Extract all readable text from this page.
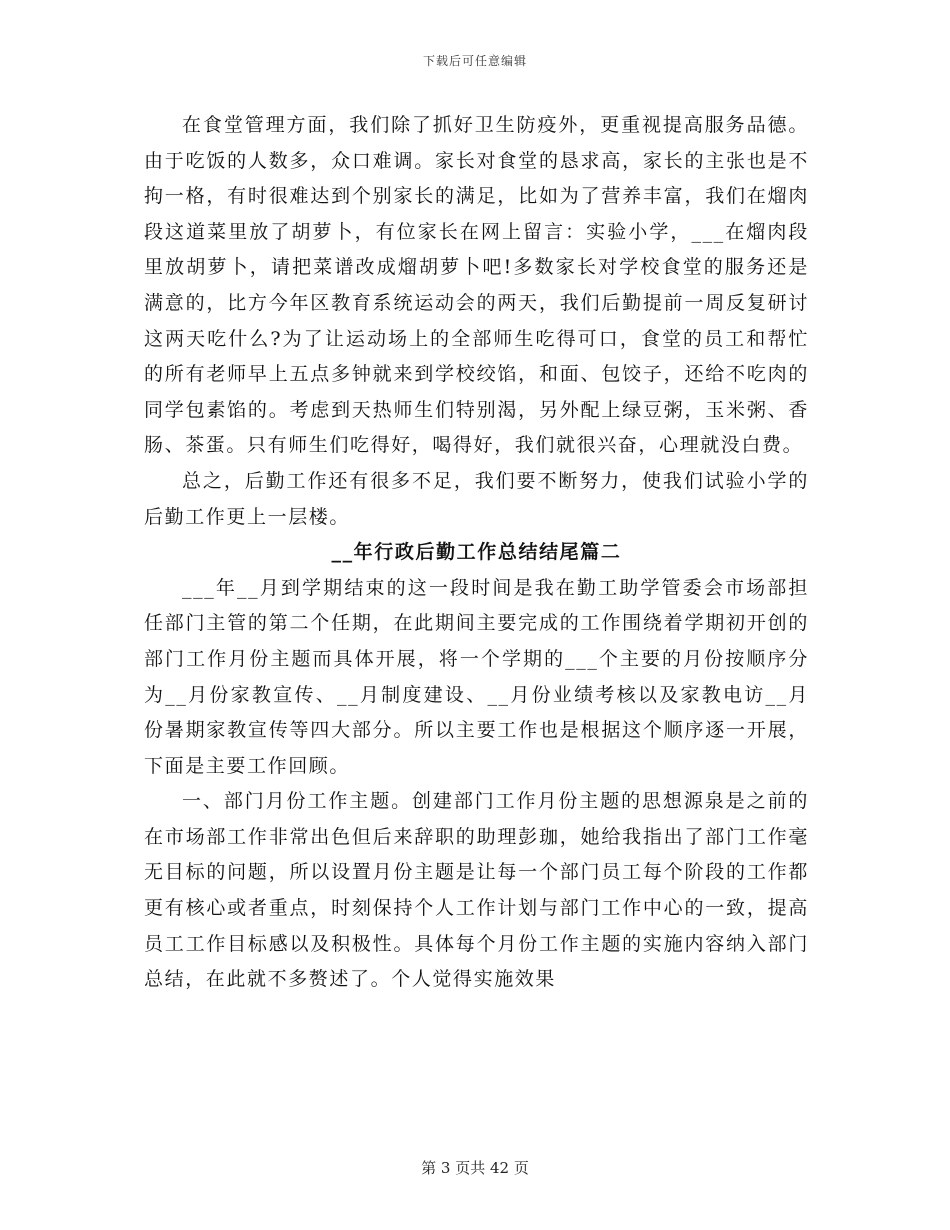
下载后可任意编辑

在食堂管理方面，我们除了抓好卫生防疫外，更重视提高服务品德。由于吃饭的人数多，众口难调。家长对食堂的恳求高，家长的主张也是不拘一格，有时很难达到个别家长的满足，比如为了营养丰富，我们在熘肉段这道菜里放了胡萝卜，有位家长在网上留言：实验小学，___在熘肉段里放胡萝卜，请把菜谱改成熘胡萝卜吧!多数家长对学校食堂的服务还是满意的，比方今年区教育系统运动会的两天，我们后勤提前一周反复研讨这两天吃什么?为了让运动场上的全部师生吃得可口，食堂的员工和帮忙的所有老师早上五点多钟就来到学校绞馅，和面、包饺子，还给不吃肉的同学包素馅的。考虑到天热师生们特别渴，另外配上绿豆粥，玉米粥、香肠、茶蛋。只有师生们吃得好，喝得好，我们就很兴奋，心理就没白费。

总之，后勤工作还有很多不足，我们要不断努力，使我们试验小学的后勤工作更上一层楼。

__年行政后勤工作总结结尾篇二

___年__月到学期结束的这一段时间是我在勤工助学管委会市场部担任部门主管的第二个任期，在此期间主要完成的工作围绕着学期初开创的部门工作月份主题而具体开展，将一个学期的___个主要的月份按顺序分为__月份家教宣传、__月制度建设、__月份业绩考核以及家教电访__月份暑期家教宣传等四大部分。所以主要工作也是根据这个顺序逐一开展，下面是主要工作回顾。

一、部门月份工作主题。创建部门工作月份主题的思想源泉是之前的在市场部工作非常出色但后来辞职的助理彭珈，她给我指出了部门工作毫无目标的问题，所以设置月份主题是让每一个部门员工每个阶段的工作都更有核心或者重点，时刻保持个人工作计划与部门工作中心的一致，提高员工工作目标感以及积极性。具体每个月份工作主题的实施内容纳入部门总结，在此就不多赘述了。个人觉得实施效果

第 3 页共 42 页
